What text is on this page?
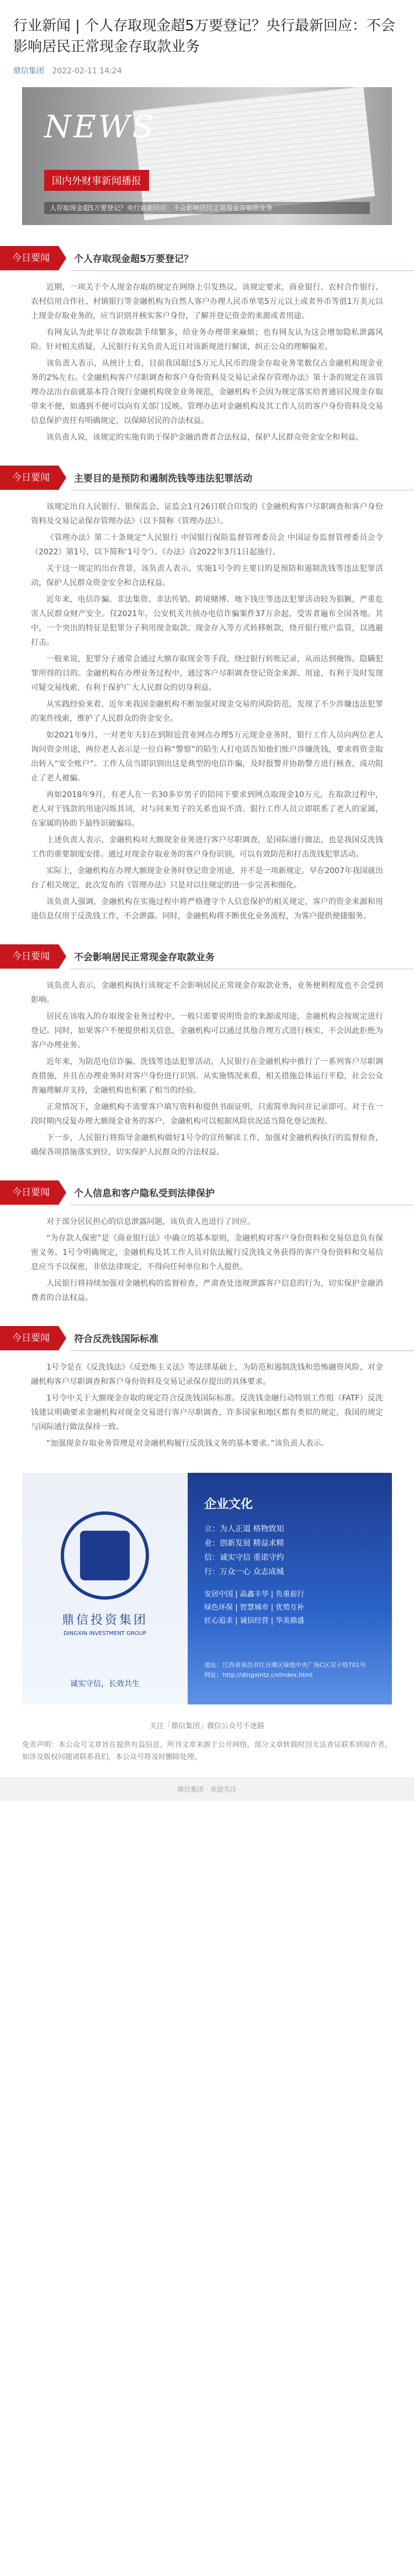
行业新闻 | 个人存取现金超5万要登记？央行最新回应：不会影响居民正常现金存取款业务
鼎信集团 2022-02-11 14:24
NEWS
国内外财事新闻播报
人存取现金超5万要登记？央行最新回应：不会影响居民正常现金存取款业务
今日要闻	个人存取现金超5万要登记？

近期，一项关于个人现金存取的规定在网络上引发热议，该规定要求，商业银行、农村合作银行、农村信用合作社、村镇银行等金融机构为自然人客户办理人民币单笔5万元以上或者外币等值1万美元以上现金存取业务的，应当识别并核实客户身份，了解并登记资金的来源或者用途。

有网友认为此举让存款取款手续繁多，给业务办理带来麻烦；也有网友认为这会增加隐私泄露风险。针对相关质疑，人民银行有关负责人近日对该新规进行解读，纠正公众的理解偏差。

该负责人表示，从统计上看，目前我国超过5万元人民币的现金存取业务笔数仅占金融机构现金业务的2%左右。《金融机构客户尽职调查和客户身份资料及交易记录保存管理办法》第十条的规定在该管理办法出台前就基本符合现行金融机构现金业务规范，金融机构不会因为规定落实给普通居民现金存取带来不便，如遇到不便可以向有关部门反映。管理办法对金融机构及其工作人员的客户身份资料及交易信息保护责任有明确规定，以保障居民的合法权益。

该负责人说，该规定的实施有助于保护金融消费者合法权益，保护人民群众资金安全和利益。

今日要闻	主要目的是预防和遏制洗钱等违法犯罪活动

该规定出自人民银行、银保监会、证监会1月26日联合印发的《金融机构客户尽职调查和客户身份资料及交易记录保存管理办法》（以下简称《管理办法》）。

《管理办法》第二十条规定“人民银行 中国银行保险监督管理委员会 中国证券监督管理委员会令（2022）第1号，以下简称‘1号令’）。《办法》自2022年3月1日起施行。

关于这一规定的出台背景，该负责人表示，实施1号令的主要目的是预防和遏制洗钱等违法犯罪活动，保护人民群众资金安全和合法权益。

近年来，电信诈骗、非法集资、非法传销、跨境赌博、地下钱庄等违法犯罪活动较为猖獗，严重危害人民群众财产安全。仅2021年，公安机关共侦办电信诈骗案件37万余起，受害者遍布全国各地。其中，一个突出的特征是犯罪分子利用现金取款、现金存入等方式转移赃款，绕开银行账户监管，以逃避打击。

一般来说，犯罪分子通常会通过大额存取现金等手段，绕过银行转账记录，从而达到掩饰、隐瞒犯罪所得的目的。金融机构在办理业务过程中，通过客户尽职调查登记资金来源、用途，有利于及时发现可疑交易线索，有利于保护广大人民群众的切身利益。

从实践经验来看，近年来我国金融机构不断加强对现金交易的风险防范，发现了不少涉嫌违法犯罪的案件线索，维护了人民群众的资金安全。

如2021年9月，一对老年夫妇在到附近营业网点办理5万元现金业务时，银行工作人员向两位老人询问资金用途，两位老人表示是一位自称“警察”的陌生人打电话告知他们账户涉嫌洗钱，要求将资金取出转入“安全账户”。工作人员当即识别出这是典型的电信诈骗，及时报警并协助警方进行核查，成功阻止了老人被骗。

再如2018年9月，有老人在一名30多岁男子的陪同下要求到网点取现金10万元，在取款过程中，老人对于钱款的用途闪烁其词，对与同来男子的关系也说不清。银行工作人员立即联系了老人的家属，在家属的协助下最终识破骗局。

上述负责人表示，金融机构对大额现金业务进行客户尽职调查，是国际通行做法，也是我国反洗钱工作的重要制度安排。通过对现金存取业务的客户身份识别，可以有效防范和打击洗钱犯罪活动。

实际上，金融机构在办理大额现金业务时登记资金用途，并不是一项新规定。早在2007年我国就出台了相关规定，此次发布的《管理办法》只是对以往规定的进一步完善和细化。

该负责人强调，金融机构在实施过程中将严格遵守个人信息保护的相关规定，客户的资金来源和用途信息仅用于反洗钱工作，不会泄露。同时，金融机构将不断优化业务流程，为客户提供便捷服务。

今日要闻	不会影响居民正常现金存取款业务

该负责人表示，金融机构执行该规定不会影响居民正常现金存取款业务，业务便利程度也不会受到影响。

居民在该收入的存取现金业务过程中，一般只需要说明资金的来源或用途，金融机构会按规定进行登记。同时，如果客户不便提供相关信息，金融机构可以通过其他合理方式进行核实，不会因此拒绝为客户办理业务。

近年来，为防范电信诈骗、洗钱等违法犯罪活动，人民银行在金融机构中推行了一系列客户尽职调查措施，并且在办理业务时对客户身份进行识别。从实施情况来看，相关措施总体运行平稳，社会公众普遍理解并支持，金融机构也积累了相当的经验。

正常情况下，金融机构不需要客户填写资料和提供书面证明，只需简单询问并记录即可。对于在一段时期内反复办理大额现金业务的客户，金融机构可以根据风险状况适当简化登记流程。

下一步，人民银行将指导金融机构做好1号令的宣传解读工作，加强对金融机构执行的监督检查，确保各项措施落实到位，切实保护人民群众的合法权益。

今日要闻	个人信息和客户隐私受到法律保护

对于部分居民担心的信息泄露问题，该负责人也进行了回应。

“为存款人保密”是《商业银行法》中确立的基本原则，金融机构对客户身份资料和交易信息负有保密义务。1号令明确规定，金融机构及其工作人员对依法履行反洗钱义务获得的客户身份资料和交易信息应当予以保密，非依法律规定，不得向任何单位和个人提供。

人民银行将持续加强对金融机构的监督检查，严肃查处违规泄露客户信息的行为，切实保护金融消费者的合法权益。

今日要闻	符合反洗钱国际标准

1号令是在《反洗钱法》《反恐怖主义法》等法律基础上，为防范和遏制洗钱和恐怖融资风险，对金融机构客户尽职调查和客户身份资料及交易记录保存提出的具体要求。

1号令中关于大额现金存取的规定符合反洗钱国际标准。反洗钱金融行动特别工作组（FATF）反洗钱建议明确要求金融机构对现金交易进行客户尽职调查，许多国家和地区都有类似的规定，我国的规定与国际通行做法保持一致。

“加强现金存取业务管理是对金融机构履行反洗钱义务的基本要求。”该负责人表示。

鼎信投资集团
DINGXIN INVESTMENT GROUP
诚实守信，长效共生
企业文化
立：为人正道 格物致知
业：创新发展 精益求精
信：诚实守信 重诺守约
行：万众一心 众志成城
安居中国 | 晶鑫丰华 | 负重前行
绿色环保 | 智慧城市 | 优势互补
匠心追求 | 诚信经营 | 华美鼎盛
地址：江西省南昌市红谷滩区绿地中央广场C区双子塔701号
网址：http://dingxintz.cn/index.html
关注「鼎信集团」微信公众号不迷路
免责声明：本公众号文章旨在提供有益信息，所刊文章来源于公开网络，部分文章转载时因无法查证联系到原作者，如涉及版权问题请联系我们，本公众号将及时删除处理。
鼎信集团 · 欢迎关注
